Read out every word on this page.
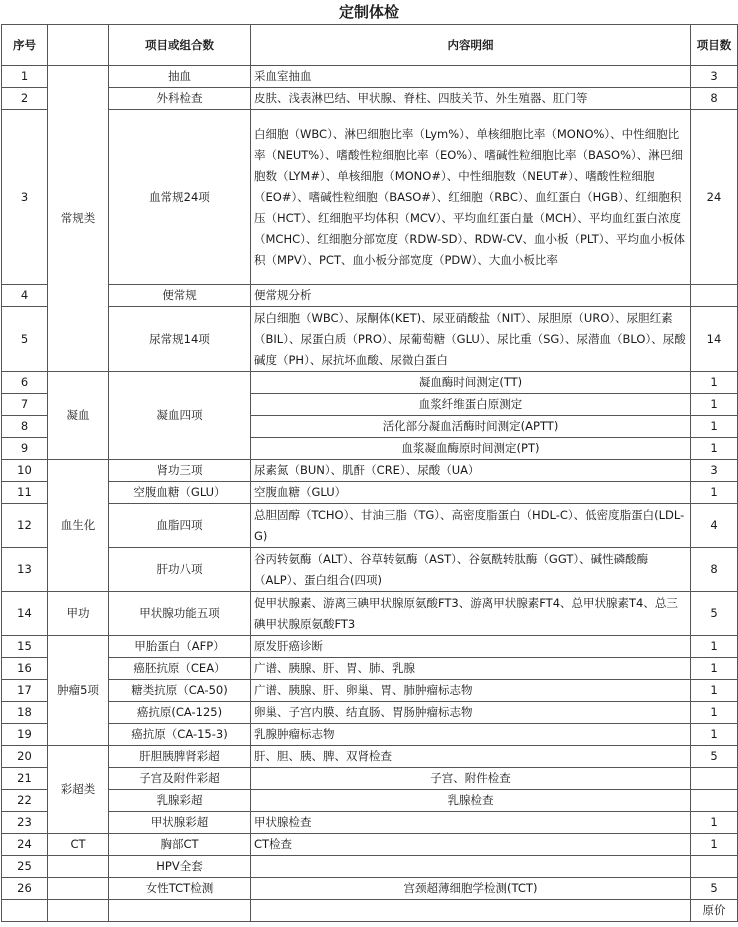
定制体检
序号		项目或组合数	内容明细	项目数
1	常规类	抽血	采血室抽血	3
2		外科检查	皮肤、浅表淋巴结、甲状腺、脊柱、四肢关节、外生殖器、肛门等	8
3		血常规24项	白细胞（WBC）、淋巴细胞比率（Lym%）、单核细胞比率（MONO%）、中性细胞比率（NEUT%）、嗜酸性粒细胞比率（EO%）、嗜碱性粒细胞比率（BASO%）、淋巴细胞数（LYM#）、单核细胞（MONO#）、中性细胞数（NEUT#）、嗜酸性粒细胞（EO#）、嗜碱性粒细胞（BASO#）、红细胞（RBC）、血红蛋白（HGB）、红细胞积压（HCT）、红细胞平均体积（MCV）、平均血红蛋白量（MCH）、平均血红蛋白浓度（MCHC）、红细胞分部宽度（RDW-SD）、RDW-CV、血小板（PLT）、平均血小板体积（MPV）、PCT、血小板分部宽度（PDW）、大血小板比率	24
4		便常规	便常规分析	
5		尿常规14项	尿白细胞（WBC）、尿酮体(KET)、尿亚硝酸盐（NIT）、尿胆原（URO）、尿胆红素（BIL）、尿蛋白质（PRO）、尿葡萄糖（GLU）、尿比重（SG）、尿潜血（BLO）、尿酸碱度（PH）、尿抗坏血酸、尿微白蛋白	14
6	凝血	凝血四项	凝血酶时间测定(TT)	1
7			血浆纤维蛋白原测定	1
8			活化部分凝血活酶时间测定(APTT)	1
9			血浆凝血酶原时间测定(PT)	1
10	血生化	肾功三项	尿素氮（BUN）、肌酐（CRE）、尿酸（UA）	3
11		空腹血糖（GLU）	空腹血糖（GLU）	1
12		血脂四项	总胆固醇（TCHO）、甘油三脂（TG）、高密度脂蛋白（HDL-C）、低密度脂蛋白(LDL-G)	4
13		肝功八项	谷丙转氨酶（ALT）、谷草转氨酶（AST）、谷氨酰转肽酶（GGT）、碱性磷酸酶（ALP）、蛋白组合(四项)	8
14	甲功	甲状腺功能五项	促甲状腺素、游离三碘甲状腺原氨酸FT3、游离甲状腺素FT4、总甲状腺素T4、总三碘甲状腺原氨酸FT3	5
15	肿瘤5项	甲胎蛋白（AFP）	原发肝癌诊断	1
16		癌胚抗原（CEA）	广谱、胰腺、肝、胃、肺、乳腺	1
17		糖类抗原（CA-50)	广谱、胰腺、肝、卵巢、胃、肺肿瘤标志物	1
18		癌抗原(CA-125)	卵巢、子宫内膜、结直肠、胃肠肿瘤标志物	1
19		癌抗原（CA-15-3)	乳腺肿瘤标志物	1
20	彩超类	肝胆胰脾肾彩超	肝、胆、胰、脾、双肾检查	5
21		子宫及附件彩超	子宫、附件检查	
22		乳腺彩超	乳腺检查	
23		甲状腺彩超	甲状腺检查	1
24	CT	胸部CT	CT检查	1
25		HPV全套		
26		女性TCT检测	宫颈超薄细胞学检测(TCT)	5
				原价
